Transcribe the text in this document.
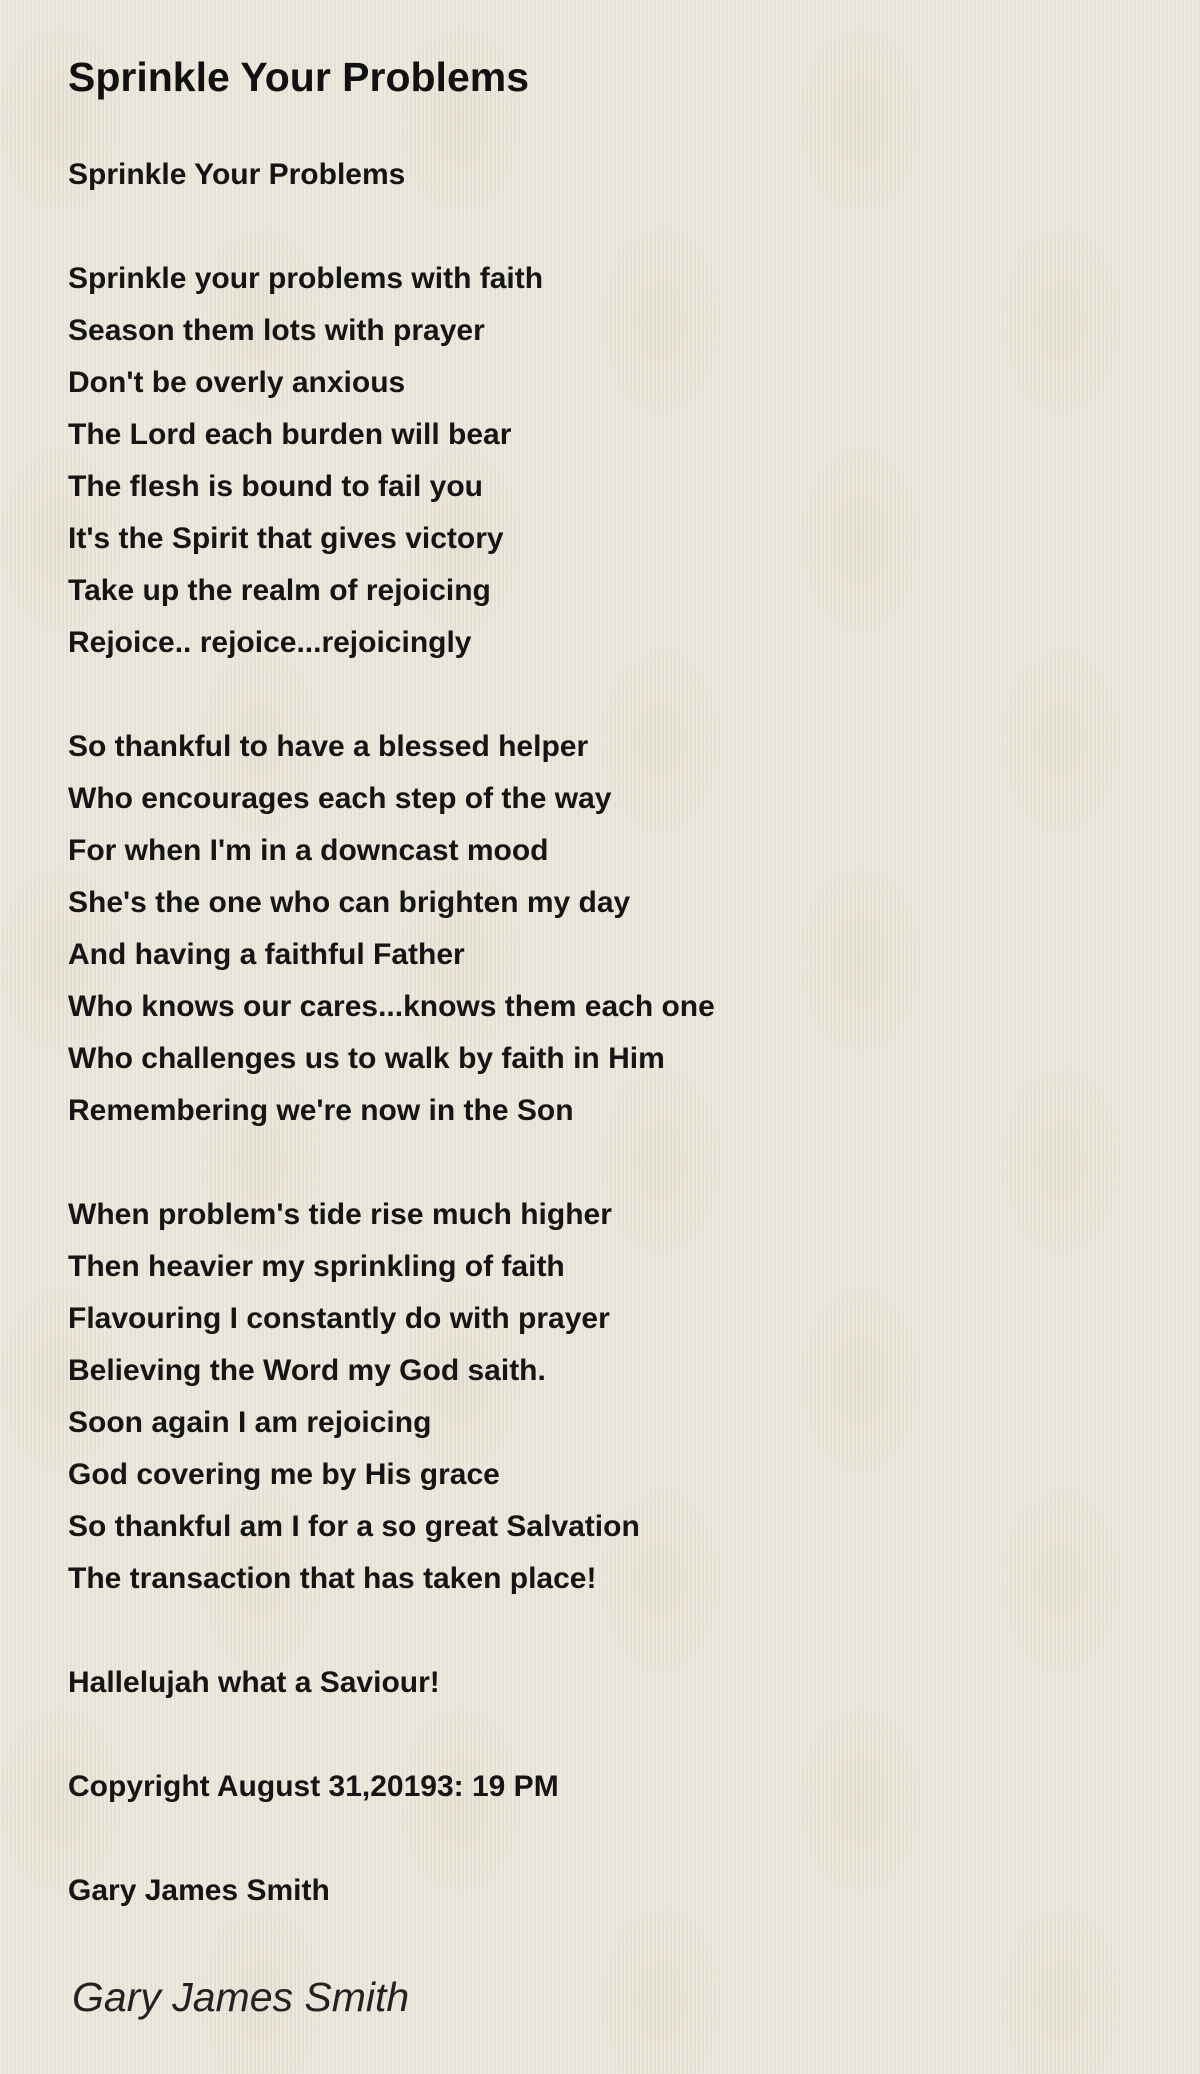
Sprinkle Your Problems
Sprinkle Your Problems
Sprinkle your problems with faith
Season them lots with prayer
Don't be overly anxious
The Lord each burden will bear
The flesh is bound to fail you
It's the Spirit that gives victory
Take up the realm of rejoicing
Rejoice.. rejoice...rejoicingly
So thankful to have a blessed helper
Who encourages each step of the way
For when I'm in a downcast mood
She's the one who can brighten my day
And having a faithful Father
Who knows our cares...knows them each one
Who challenges us to walk by faith in Him
Remembering we're now in the Son
When problem's tide rise much higher
Then heavier my sprinkling of faith
Flavouring I constantly do with prayer
Believing the Word my God saith.
Soon again I am rejoicing
God covering me by His grace
So thankful am I for a so great Salvation
The transaction that has taken place!
Hallelujah what a Saviour!
Copyright August 31,20193: 19 PM
Gary James Smith
Gary James Smith
